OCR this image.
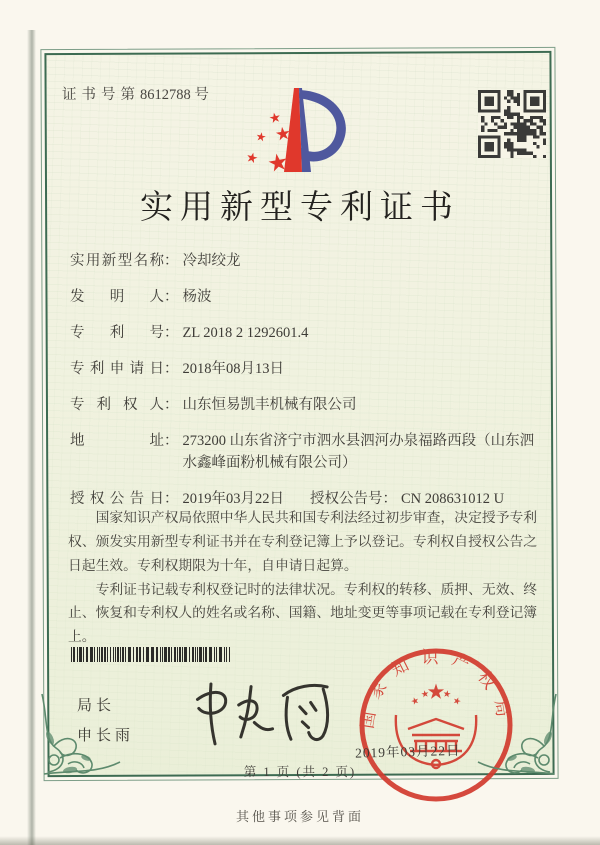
证书号第8612788 号
实用新型专利证书
实用新型名称 ： 冷却绞龙
发明人 ： 杨波
专利号 ： ZL 2018 2 1292601.4
专利申请日 ： 2018年08月13日
专利权人 ： 山东恒易凯丰机械有限公司
地址 ： 273200 山东省济宁市泗水县泗河办泉福路西段（山东泗水鑫峰面粉机械有限公司）
授权公告日 ： 2019年03月22日 授权公告号 ： CN 208631012 U

国家知识产权局依照中华人民共和国专利法经过初步审查，决定授予专利权、颁发实用新型专利证书并在专利登记簿上予以登记。专利权自授权公告之日起生效。专利权期限为十年，自申请日起算。

专利证书记载专利权登记时的法律状况。专利权的转移、质押、无效、终止、恢复和专利权人的姓名或名称、国籍、地址变更等事项记载在专利登记簿上。

局长
申长雨
国家知识产权局
2019年03月22日
第 1 页 (共 2 页)
其他事项参见背面
